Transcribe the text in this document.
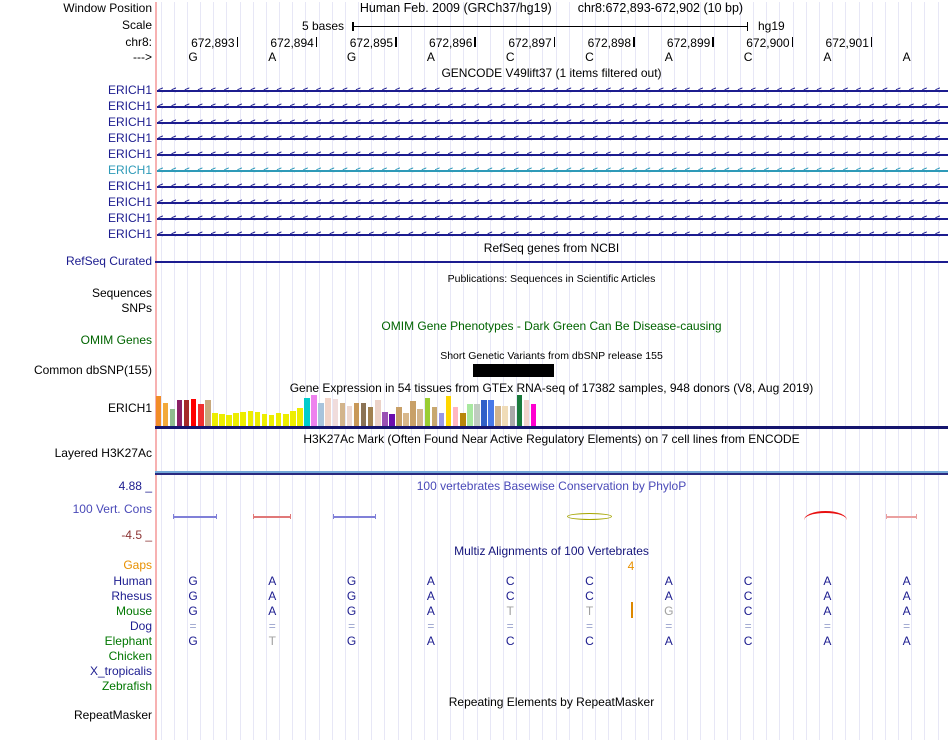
Window Position	Human Feb. 2009 (GRCh37/hg19) chr8:672,893-672,902 (10 bp)
Scale	5 bases	hg19
chr8:
--->
GENCODE V49lift37 (1 items filtered out)
RefSeq genes from NCBI
RefSeq Curated
Publications: Sequences in Scientific Articles
Sequences
SNPs
OMIM Gene Phenotypes - Dark Green Can Be Disease-causing
OMIM Genes
Short Genetic Variants from dbSNP release 155
Common dbSNP(155)
Gene Expression in 54 tissues from GTEx RNA-seq of 17382 samples, 948 donors (V8, Aug 2019)
ERICH1
H3K27Ac Mark (Often Found Near Active Regulatory Elements) on 7 cell lines from ENCODE
Layered H3K27Ac
4.88 _	100 vertebrates Basewise Conservation by PhyloP
100 Vert. Cons
-4.5 _
Multiz Alignments of 100 Vertebrates
Gaps	4
Repeating Elements by RepeatMasker
RepeatMasker
672,893	672,894	672,895	672,896	672,897	672,898	672,899	672,900	672,901
G	A	G	A	C	C	A	C	A	A
ERICH1 < < < < < < < < < < < < < < < < < < < < < < < < < < < < < < < < < < < < < < < < < < < < < < < < < < < < < < < < < < < <
ERICH1 < < < < < < < < < < < < < < < < < < < < < < < < < < < < < < < < < < < < < < < < < < < < < < < < < < < < < < < < < < < <
ERICH1 < < < < < < < < < < < < < < < < < < < < < < < < < < < < < < < < < < < < < < < < < < < < < < < < < < < < < < < < < < < <
ERICH1 < < < < < < < < < < < < < < < < < < < < < < < < < < < < < < < < < < < < < < < < < < < < < < < < < < < < < < < < < < < <
ERICH1 < < < < < < < < < < < < < < < < < < < < < < < < < < < < < < < < < < < < < < < < < < < < < < < < < < < < < < < < < < < <
ERICH1 < < < < < < < < < < < < < < < < < < < < < < < < < < < < < < < < < < < < < < < < < < < < < < < < < < < < < < < < < < < <
ERICH1 < < < < < < < < < < < < < < < < < < < < < < < < < < < < < < < < < < < < < < < < < < < < < < < < < < < < < < < < < < < <
ERICH1 < < < < < < < < < < < < < < < < < < < < < < < < < < < < < < < < < < < < < < < < < < < < < < < < < < < < < < < < < < < <
ERICH1 < < < < < < < < < < < < < < < < < < < < < < < < < < < < < < < < < < < < < < < < < < < < < < < < < < < < < < < < < < < <
ERICH1 < < < < < < < < < < < < < < < < < < < < < < < < < < < < < < < < < < < < < < < < < < < < < < < < < < < < < < < < < < < <
Human	G	A	G	A	C	C	A	C	A	A
Rhesus	G	A	G	A	C	C	A	C	A	A
Mouse	G	A	G	A	T	T	G	C	A	A
Dog	=	=	=	=	=	=	=	=	=	=
Elephant	G	T	G	A	C	C	A	C	A	A
Chicken
X_tropicalis
Zebrafish
